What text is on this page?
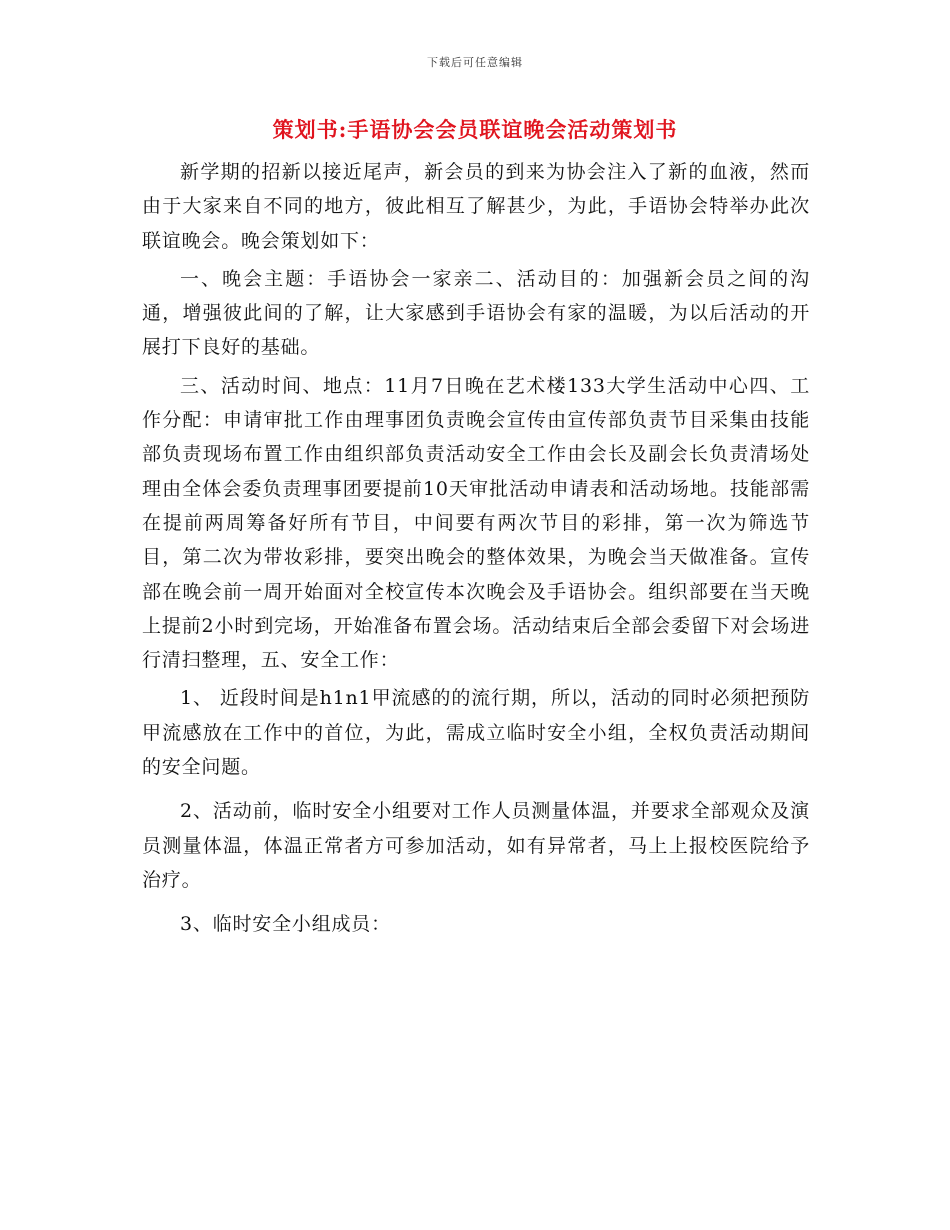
下载后可任意编辑
策划书:手语协会会员联谊晚会活动策划书

新学期的招新以接近尾声，新会员的到来为协会注入了新的血液，然而由于大家来自不同的地方，彼此相互了解甚少，为此，手语协会特举办此次联谊晚会。晚会策划如下：

一、晚会主题：手语协会一家亲二、活动目的：加强新会员之间的沟通，增强彼此间的了解，让大家感到手语协会有家的温暖，为以后活动的开展打下良好的基础。

三、活动时间、地点：11月7日晚在艺术楼133大学生活动中心四、工作分配：申请审批工作由理事团负责晚会宣传由宣传部负责节目采集由技能部负责现场布置工作由组织部负责活动安全工作由会长及副会长负责清场处理由全体会委负责理事团要提前10天审批活动申请表和活动场地。技能部需在提前两周筹备好所有节目，中间要有两次节目的彩排，第一次为筛选节目，第二次为带妆彩排，要突出晚会的整体效果，为晚会当天做准备。宣传部在晚会前一周开始面对全校宣传本次晚会及手语协会。组织部要在当天晚上提前2小时到完场，开始准备布置会场。活动结束后全部会委留下对会场进行清扫整理，五、安全工作：

1、 近段时间是h1n1甲流感的的流行期，所以，活动的同时必须把预防甲流感放在工作中的首位，为此，需成立临时安全小组，全权负责活动期间的安全问题。

2、活动前，临时安全小组要对工作人员测量体温，并要求全部观众及演员测量体温，体温正常者方可参加活动，如有异常者，马上上报校医院给予治疗。

3、临时安全小组成员：
